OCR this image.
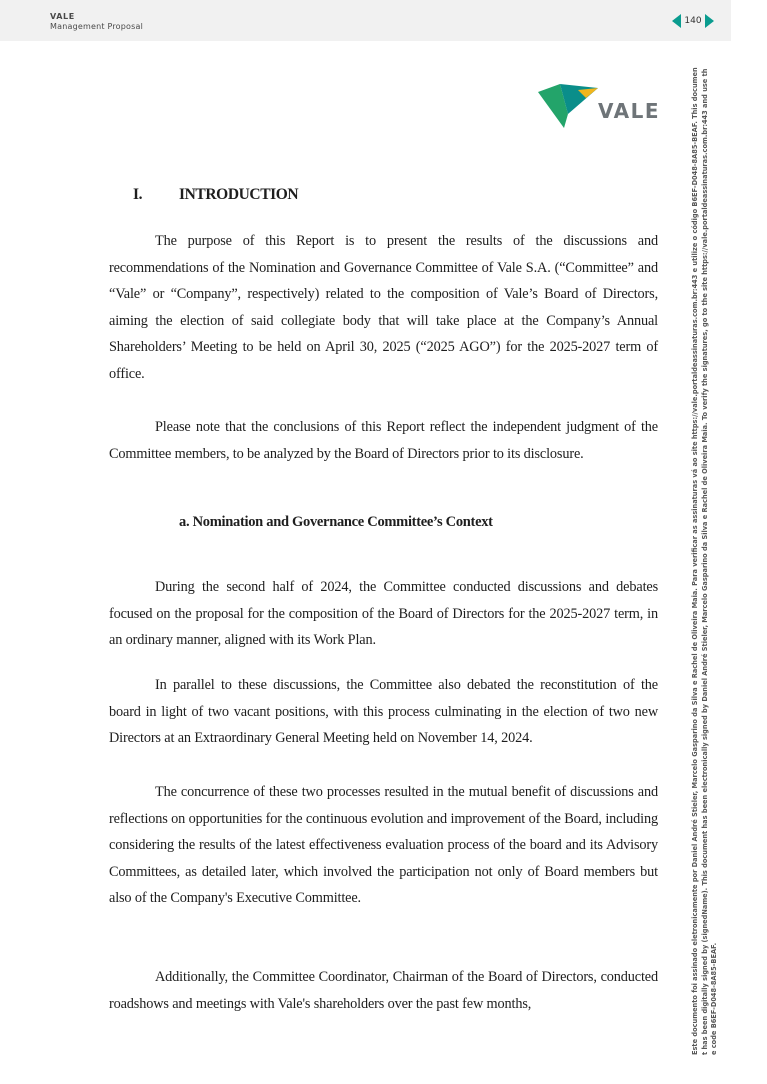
VALE
Management Proposal
140
VALE
I. INTRODUCTION

The purpose of this Report is to present the results of the discussions and recommendations of the Nomination and Governance Committee of Vale S.A. (“Committee” and “Vale” or “Company”, respectively) related to the composition of Vale’s Board of Directors, aiming the election of said collegiate body that will take place at the Company’s Annual Shareholders’ Meeting to be held on April 30, 2025 (“2025 AGO”) for the 2025-2027 term of office.

Please note that the conclusions of this Report reflect the independent judgment of the Committee members, to be analyzed by the Board of Directors prior to its disclosure.

a. Nomination and Governance Committee’s Context

During the second half of 2024, the Committee conducted discussions and debates focused on the proposal for the composition of the Board of Directors for the 2025-2027 term, in an ordinary manner, aligned with its Work Plan.

In parallel to these discussions, the Committee also debated the reconstitution of the board in light of two vacant positions, with this process culminating in the election of two new Directors at an Extraordinary General Meeting held on November 14, 2024.

The concurrence of these two processes resulted in the mutual benefit of discussions and reflections on opportunities for the continuous evolution and improvement of the Board, including considering the results of the latest effectiveness evaluation process of the board and its Advisory Committees, as detailed later, which involved the participation not only of Board members but also of the Company's Executive Committee.

Additionally, the Committee Coordinator, Chairman of the Board of Directors, conducted roadshows and meetings with Vale's shareholders over the past few months,	Este documento foi assinado eletronicamente por Daniel André Stieler, Marcelo Gasparino da Silva e Rachel de Oliveira Maia. Para verificar as assinaturas vá ao site https://vale.portaldeassinaturas.com.br:443 e utilize o código B6EF-D048-8A85-BEAF. This document has been digitally signed by (signedName). This document has been electronically signed by Daniel André Stieler, Marcelo Gasparino da Silva e Rachel de Oliveira Maia. To verify the signatures, go to the site https://vale.portaldeassinaturas.com.br:443 and use the code B6EF-D048-8A85-BEAF.
